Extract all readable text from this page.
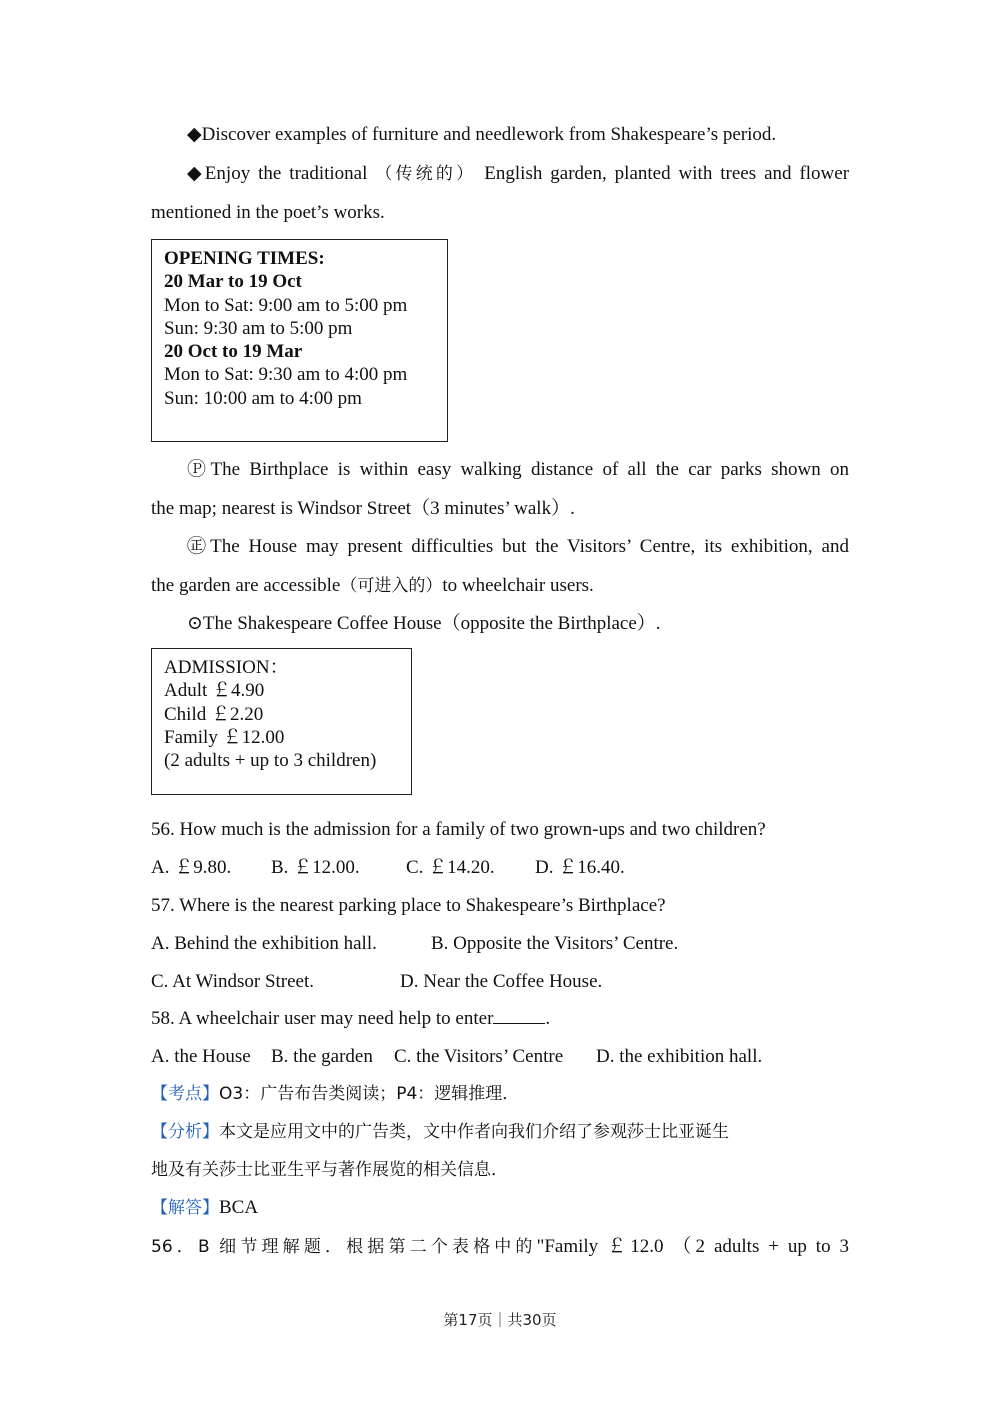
◆Discover examples of furniture and needlework from Shakespeare’s period.
◆Enjoy the traditional （传统的） English garden, planted with trees and flower
mentioned in the poet’s works.
OPENING TIMES:
20 Mar to 19 Oct
Mon to Sat: 9:00 am to 5:00 pm
Sun: 9:30 am to 5:00 pm
20 Oct to 19 Mar
Mon to Sat: 9:30 am to 4:00 pm
Sun: 10:00 am to 4:00 pm
ⓅThe Birthplace is within easy walking distance of all the car parks shown on
the map; nearest is Windsor Street（3 minutes’ walk）.
㊣The House may present difficulties but the Visitors’ Centre, its exhibition, and
the garden are accessible（可进入的）to wheelchair users.
⊙The Shakespeare Coffee House（opposite the Birthplace）.
ADMISSION：
Adult ￡4.90
Child ￡2.20
Family ￡12.00
(2 adults + up to 3 children)
56. How much is the admission for a family of two grown-ups and two children?
A. ￡9.80. B. ￡12.00. C. ￡14.20. D. ￡16.40.
57. Where is the nearest parking place to Shakespeare’s Birthplace?
A. Behind the exhibition hall.	B. Opposite the Visitors’ Centre.
C. At Windsor Street.	D. Near the Coffee House.
58. A wheelchair user may need help to enter	.
A. the House B. the garden C. the Visitors’ Centre D. the exhibition hall.
【考点】O3：广告布告类阅读；P4：逻辑推理．
【分析】本文是应用文中的广告类，文中作者向我们介绍了参观莎士比亚诞生
地及有关莎士比亚生平与著作展览的相关信息．
【解答】BCA
56．B 细节理解题．根据第二个表格中的"Family ￡12.0 （2 adults + up to 3
第17页｜共30页
